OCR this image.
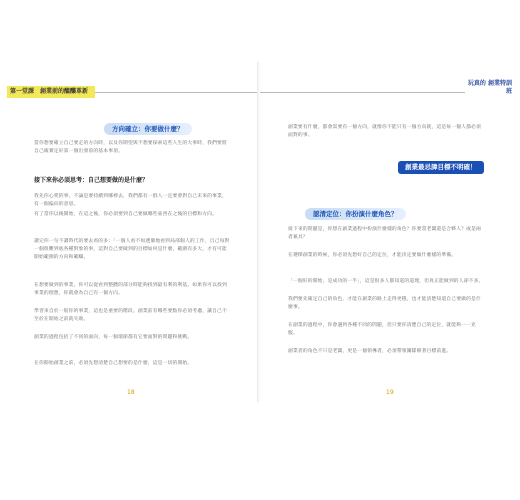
第一堂課　創業前的醞釀革新
玩真的 創業特訓班
方向確立：你要做什麼？
接下來你必須思考：自己想要做的是什麼？
當你想要確立自己要走的方向時，以及你期望與不想要探索這些人生的大事時，我們要將自己確實定好第一個出發前的基本事項。
我先你心愛的事，不論是要持續到哪裡去，我們都有一群人一定要會對自己未來的事業，有一個偏向的意思。
有了當你以後開始，在這之後，你必須要到自己要做哪些東西在之後的目標和方向。
讀完你一句不讀時代的要去看的多：「一個人看不如透徹地看到局部個人的工作，自己每對一個很難到底各種對象的事，這對自己要做到的目標如何是什麼，範圍有多大，才有可能開始範圍的方向和範疇。
在想要做到的事業，你可以從看到整體的部分時能夠找到最有利的利基。如果你可以找到事業的理想，你就會為自己有一個方向。
學習來自於一般你的事業，這也是重要的階段。創業前有哪些要點你必須考慮，讓自己不至於在開始之前就失敗。
創業的過程包括了不同的面向，每一個環節都有它要面對的問題和挑戰。
在你開始創業之前，必須先想清楚自己想要的是什麼，這是一切的開始。
18
創業要有什麼，都會需要有一個方向，就像你不能只有一個方向就，這是每一個人都必須面對的事。
創業最忌諱目標不明確！
認清定位：你扮演什麼角色？
接下來的問題是，你想在創業過程中扮演什麼樣的角色？你要當老闆還是合夥人？或是兩者兼具？
在選擇創業的時候，你必須先想好自己的定位，才能決定要做什麼樣的準備。
「一個好的開始，是成功的一半」，這是很多人都知道的道理，但真正能做到的人卻不多。
我們要先確定自己的角色，才能在創業的路上走得更穩，也才能清楚知道自己要做的是什麼事。
在創業的過程中，你會遇到各種不同的問題，但只要你清楚自己的定位，就能夠一一克服。
創業者的角色不只是老闆，更是一個領導者，必須帶領團隊朝著目標前進。
19
